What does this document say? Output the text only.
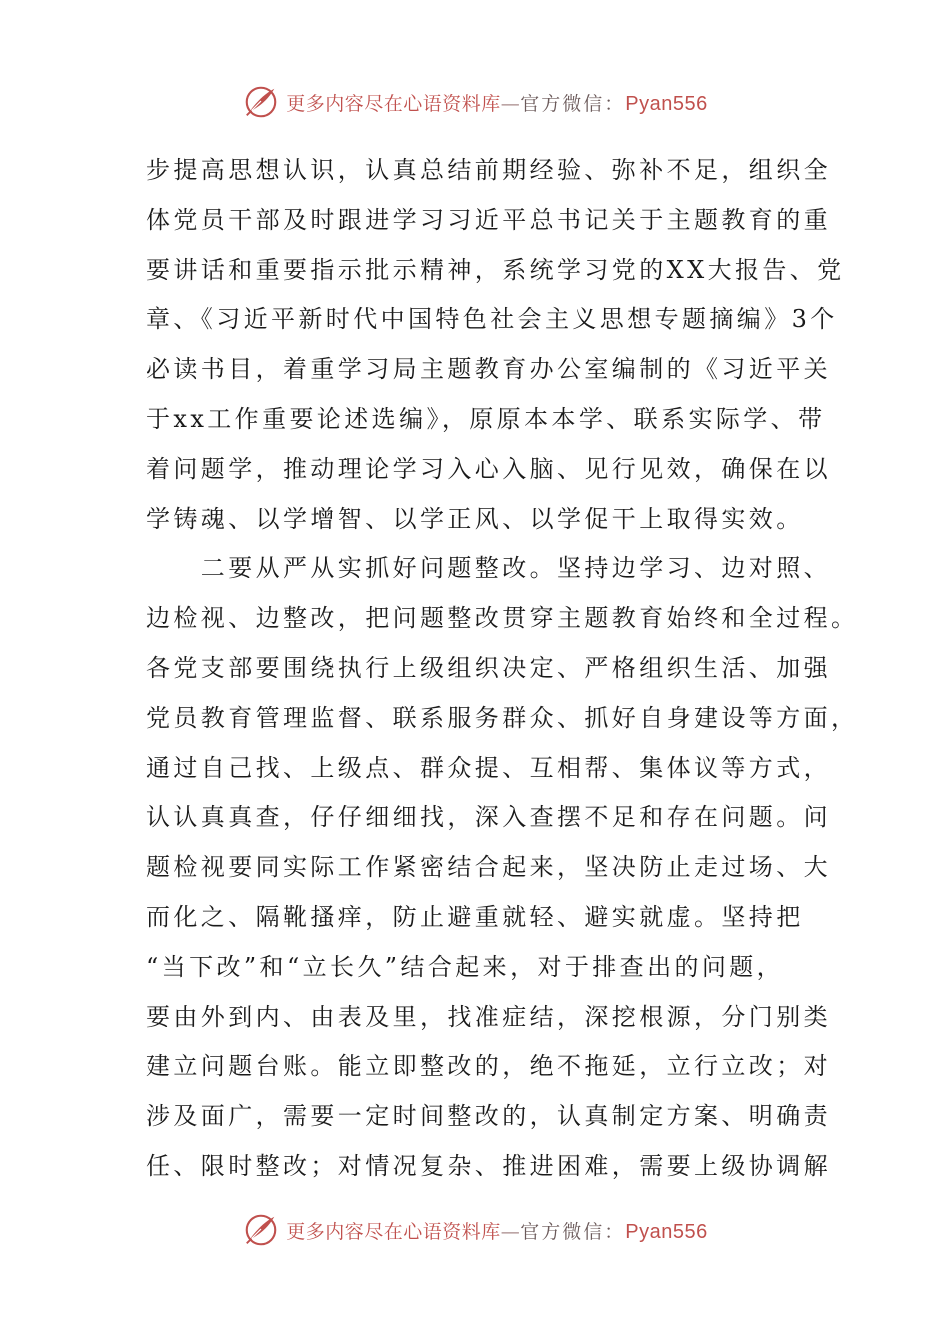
更多内容尽在心语资料库—官方微信：Pyan556
步提高思想认识，认真总结前期经验、弥补不足，组织全
体党员干部及时跟进学习习近平总书记关于主题教育的重
要讲话和重要指示批示精神，系统学习党的XX大报告、党
章、《习近平新时代中国特色社会主义思想专题摘编》3个
必读书目，着重学习局主题教育办公室编制的《习近平关
于xx工作重要论述选编》，原原本本学、联系实际学、带
着问题学，推动理论学习入心入脑、见行见效，确保在以
学铸魂、以学增智、以学正风、以学促干上取得实效。
　　二要从严从实抓好问题整改。坚持边学习、边对照、
边检视、边整改，把问题整改贯穿主题教育始终和全过程。
各党支部要围绕执行上级组织决定、严格组织生活、加强
党员教育管理监督、联系服务群众、抓好自身建设等方面，
通过自己找、上级点、群众提、互相帮、集体议等方式，
认认真真查，仔仔细细找，深入查摆不足和存在问题。问
题检视要同实际工作紧密结合起来，坚决防止走过场、大
而化之、隔靴搔痒，防止避重就轻、避实就虚。坚持把
“当下改”和“立长久”结合起来，对于排查出的问题，
要由外到内、由表及里，找准症结，深挖根源，分门别类
建立问题台账。能立即整改的，绝不拖延，立行立改；对
涉及面广，需要一定时间整改的，认真制定方案、明确责
任、限时整改；对情况复杂、推进困难，需要上级协调解
更多内容尽在心语资料库—官方微信：Pyan556
